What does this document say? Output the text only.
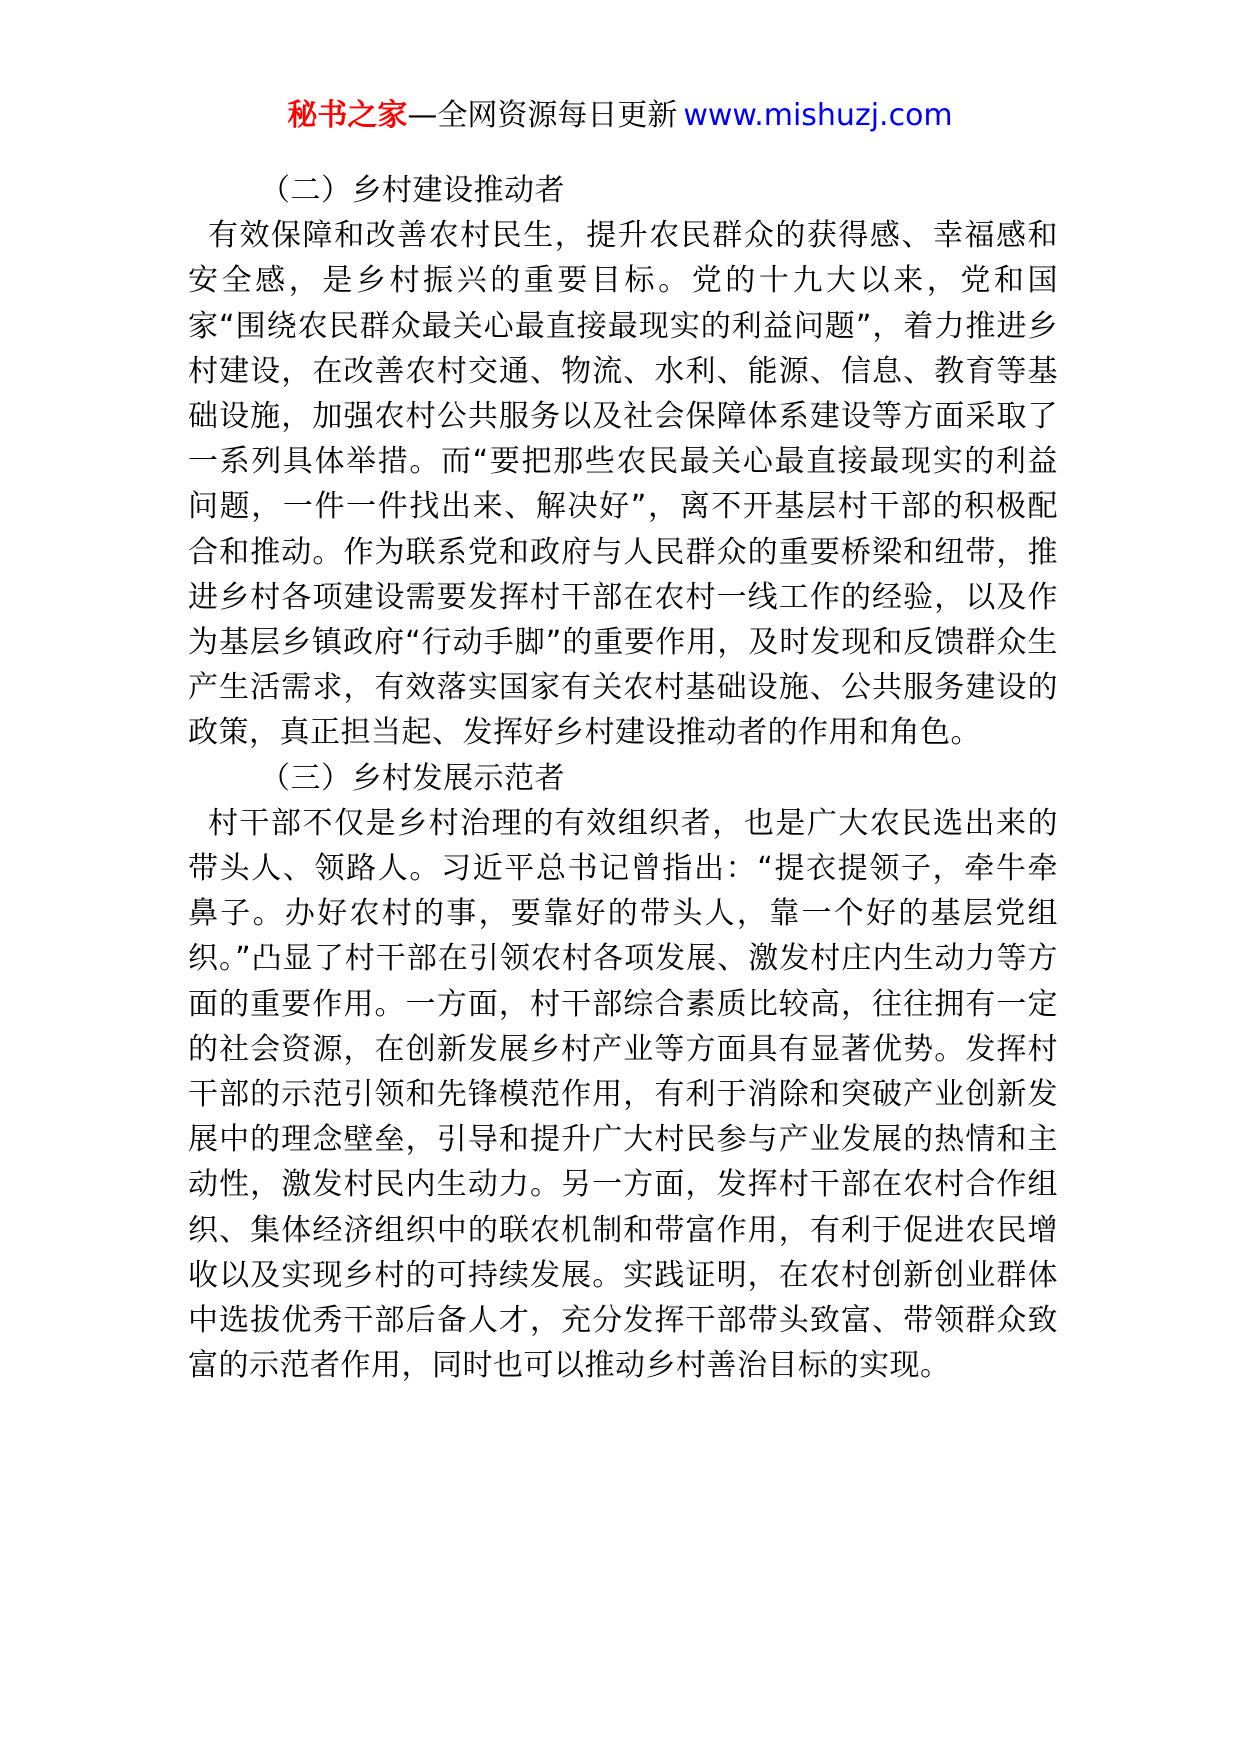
秘书之家—全网资源每日更新 www.mishuzj.com

（二）乡村建设推动者

有效保障和改善农村民生，提升农民群众的获得感、幸福感和安全感，是乡村振兴的重要目标。党的十九大以来，党和国家“围绕农民群众最关心最直接最现实的利益问题”，着力推进乡村建设，在改善农村交通、物流、水利、能源、信息、教育等基础设施，加强农村公共服务以及社会保障体系建设等方面采取了一系列具体举措。而“要把那些农民最关心最直接最现实的利益问题，一件一件找出来、解决好”，离不开基层村干部的积极配合和推动。作为联系党和政府与人民群众的重要桥梁和纽带，推进乡村各项建设需要发挥村干部在农村一线工作的经验，以及作为基层乡镇政府“行动手脚”的重要作用，及时发现和反馈群众生产生活需求，有效落实国家有关农村基础设施、公共服务建设的政策，真正担当起、发挥好乡村建设推动者的作用和角色。

（三）乡村发展示范者

村干部不仅是乡村治理的有效组织者，也是广大农民选出来的带头人、领路人。习近平总书记曾指出：“提衣提领子，牵牛牵鼻子。办好农村的事，要靠好的带头人，靠一个好的基层党组织。”凸显了村干部在引领农村各项发展、激发村庄内生动力等方面的重要作用。一方面，村干部综合素质比较高，往往拥有一定的社会资源，在创新发展乡村产业等方面具有显著优势。发挥村干部的示范引领和先锋模范作用，有利于消除和突破产业创新发展中的理念壁垒，引导和提升广大村民参与产业发展的热情和主动性，激发村民内生动力。另一方面，发挥村干部在农村合作组织、集体经济组织中的联农机制和带富作用，有利于促进农民增收以及实现乡村的可持续发展。实践证明，在农村创新创业群体中选拔优秀干部后备人才，充分发挥干部带头致富、带领群众致富的示范者作用，同时也可以推动乡村善治目标的实现。
